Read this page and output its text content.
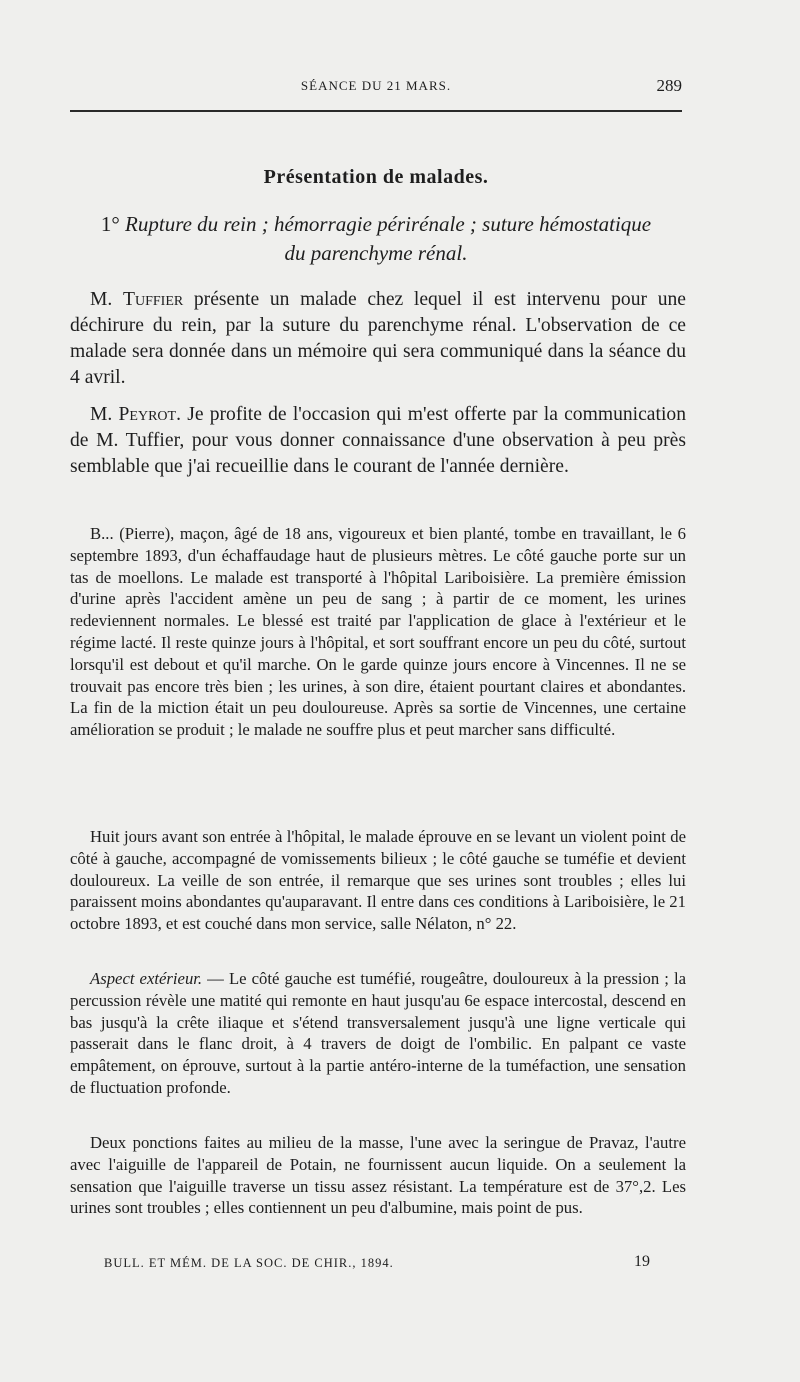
SÉANCE DU 21 MARS.	289
Présentation de malades.
1° Rupture du rein ; hémorragie périrénale ; suture hémostatique
du parenchyme rénal.

M. Tuffier présente un malade chez lequel il est intervenu pour une déchirure du rein, par la suture du parenchyme rénal. L'observation de ce malade sera donnée dans un mémoire qui sera communiqué dans la séance du 4 avril.

M. Peyrot. Je profite de l'occasion qui m'est offerte par la communication de M. Tuffier, pour vous donner connaissance d'une observation à peu près semblable que j'ai recueillie dans le courant de l'année dernière.

B... (Pierre), maçon, âgé de 18 ans, vigoureux et bien planté, tombe en travaillant, le 6 septembre 1893, d'un échaffaudage haut de plusieurs mètres. Le côté gauche porte sur un tas de moellons. Le malade est transporté à l'hôpital Lariboisière. La première émission d'urine après l'accident amène un peu de sang ; à partir de ce moment, les urines redeviennent normales. Le blessé est traité par l'application de glace à l'extérieur et le régime lacté. Il reste quinze jours à l'hôpital, et sort souffrant encore un peu du côté, surtout lorsqu'il est debout et qu'il marche. On le garde quinze jours encore à Vincennes. Il ne se trouvait pas encore très bien ; les urines, à son dire, étaient pourtant claires et abondantes. La fin de la miction était un peu douloureuse. Après sa sortie de Vincennes, une certaine amélioration se produit ; le malade ne souffre plus et peut marcher sans difficulté.

Huit jours avant son entrée à l'hôpital, le malade éprouve en se levant un violent point de côté à gauche, accompagné de vomissements bilieux ; le côté gauche se tuméfie et devient douloureux. La veille de son entrée, il remarque que ses urines sont troubles ; elles lui paraissent moins abondantes qu'auparavant. Il entre dans ces conditions à Lariboisière, le 21 octobre 1893, et est couché dans mon service, salle Nélaton, n° 22.

Aspect extérieur. — Le côté gauche est tuméfié, rougeâtre, douloureux à la pression ; la percussion révèle une matité qui remonte en haut jusqu'au 6e espace intercostal, descend en bas jusqu'à la crête iliaque et s'étend transversalement jusqu'à une ligne verticale qui passerait dans le flanc droit, à 4 travers de doigt de l'ombilic. En palpant ce vaste empâtement, on éprouve, surtout à la partie antéro-interne de la tuméfaction, une sensation de fluctuation profonde.

Deux ponctions faites au milieu de la masse, l'une avec la seringue de Pravaz, l'autre avec l'aiguille de l'appareil de Potain, ne fournissent aucun liquide. On a seulement la sensation que l'aiguille traverse un tissu assez résistant. La température est de 37°,2. Les urines sont troubles ; elles contiennent un peu d'albumine, mais point de pus.

BULL. ET MÉM. DE LA SOC. DE CHIR., 1894.	19
